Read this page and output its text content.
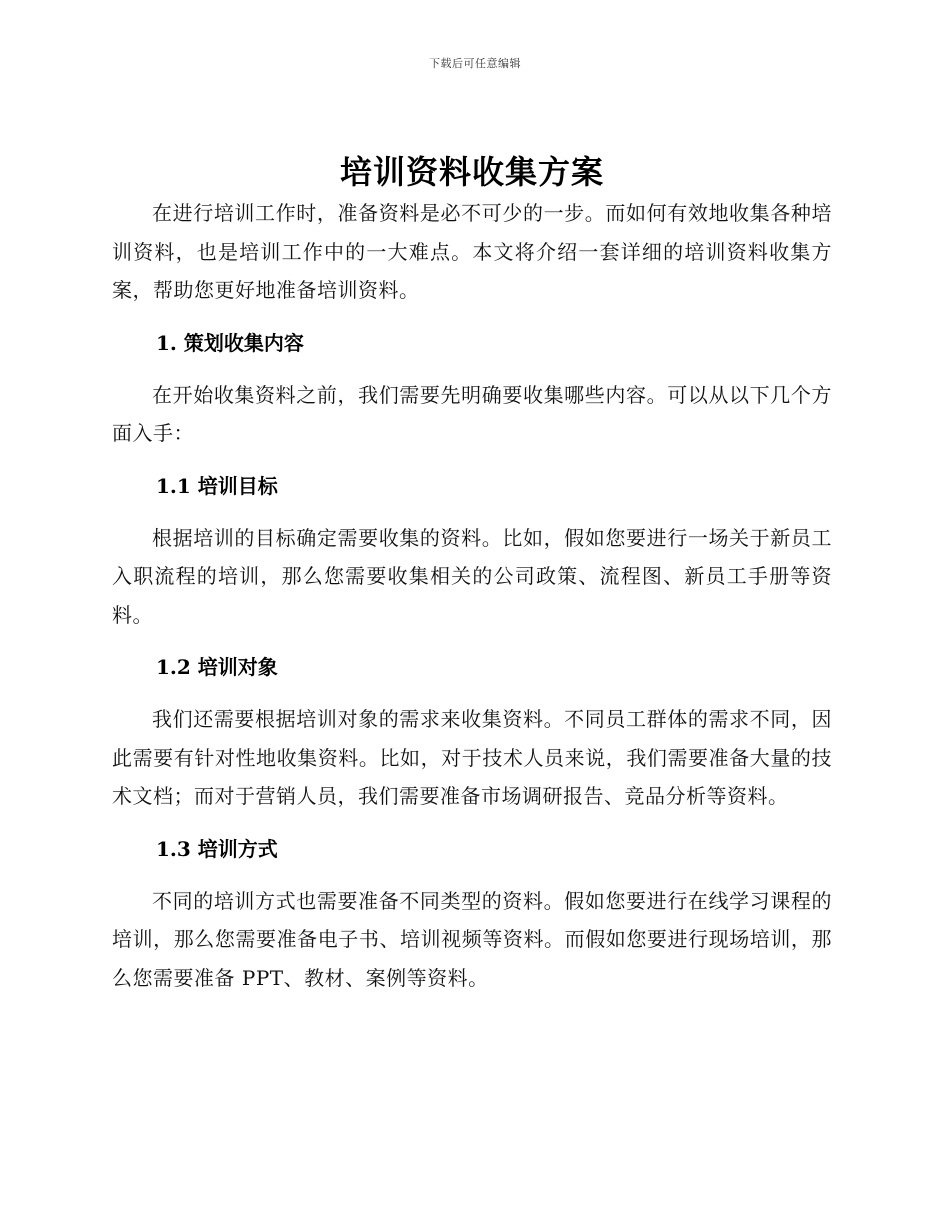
下载后可任意编辑
培训资料收集方案

在进行培训工作时，准备资料是必不可少的一步。而如何有效地收集各种培训资料，也是培训工作中的一大难点。本文将介绍一套详细的培训资料收集方案，帮助您更好地准备培训资料。

1. 策划收集内容

在开始收集资料之前，我们需要先明确要收集哪些内容。可以从以下几个方面入手：

1.1 培训目标

根据培训的目标确定需要收集的资料。比如，假如您要进行一场关于新员工入职流程的培训，那么您需要收集相关的公司政策、流程图、新员工手册等资料。

1.2 培训对象

我们还需要根据培训对象的需求来收集资料。不同员工群体的需求不同，因此需要有针对性地收集资料。比如，对于技术人员来说，我们需要准备大量的技术文档；而对于营销人员，我们需要准备市场调研报告、竞品分析等资料。

1.3 培训方式

不同的培训方式也需要准备不同类型的资料。假如您要进行在线学习课程的培训，那么您需要准备电子书、培训视频等资料。而假如您要进行现场培训，那么您需要准备 PPT、教材、案例等资料。
